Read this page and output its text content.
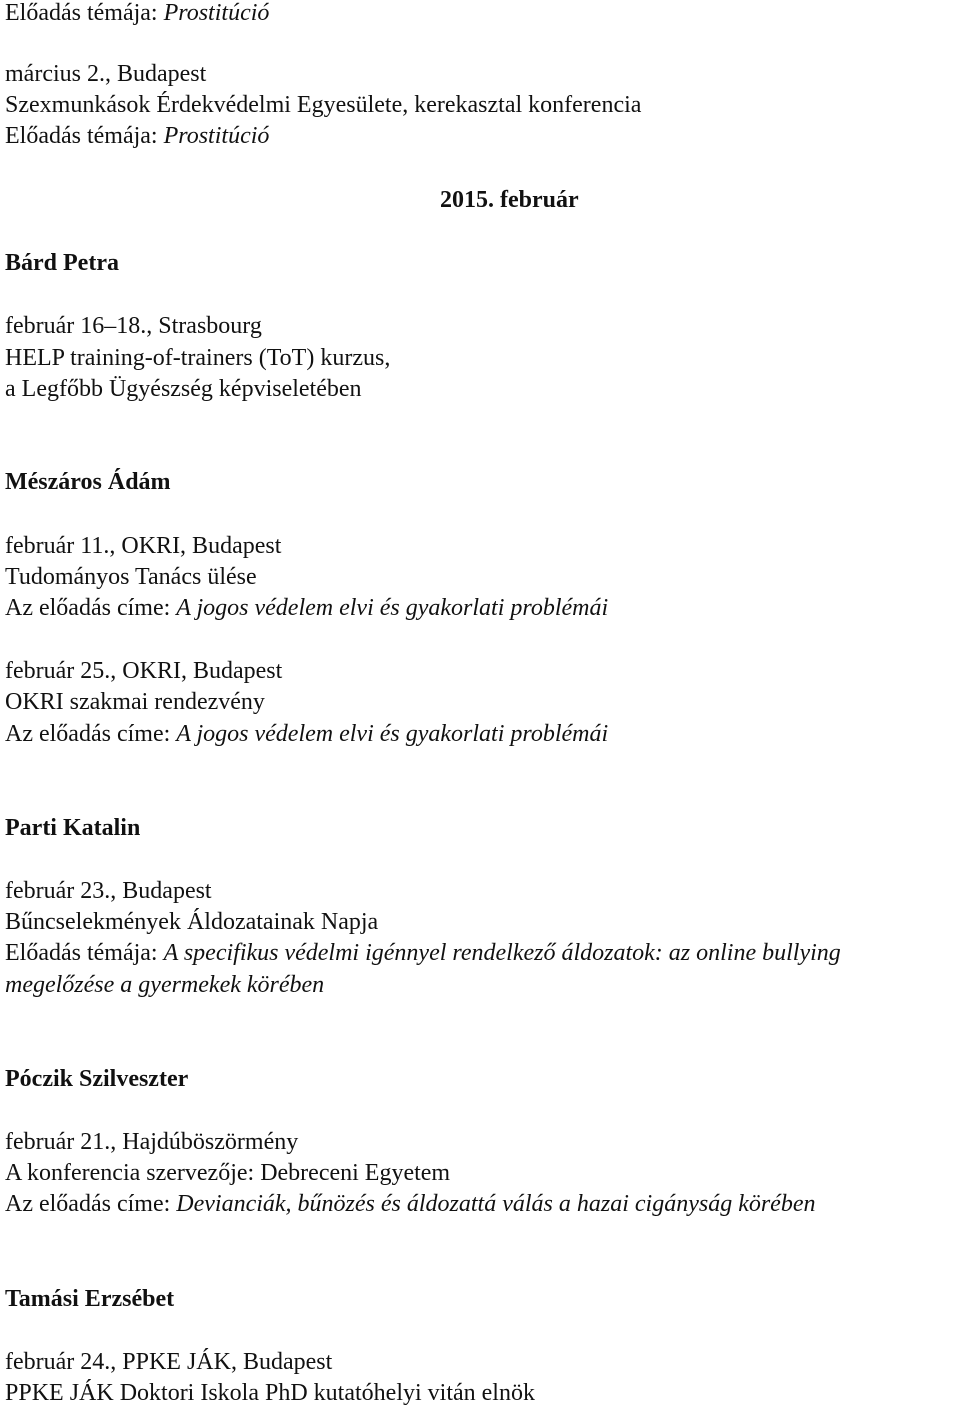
Előadás témája: Prostitúció
március 2., Budapest
Szexmunkások Érdekvédelmi Egyesülete, kerekasztal konferencia
Előadás témája: Prostitúció
2015. február
Bárd Petra
február 16–18., Strasbourg
HELP training-of-trainers (ToT) kurzus,
a Legfőbb Ügyészség képviseletében
Mészáros Ádám
február 11., OKRI, Budapest
Tudományos Tanács ülése
Az előadás címe: A jogos védelem elvi és gyakorlati problémái
február 25., OKRI, Budapest
OKRI szakmai rendezvény
Az előadás címe: A jogos védelem elvi és gyakorlati problémái
Parti Katalin
február 23., Budapest
Bűncselekmények Áldozatainak Napja
Előadás témája: A specifikus védelmi igénnyel rendelkező áldozatok: az online bullying
megelőzése a gyermekek körében
Póczik Szilveszter
február 21., Hajdúböszörmény
A konferencia szervezője: Debreceni Egyetem
Az előadás címe: Devianciák, bűnözés és áldozattá válás a hazai cigányság körében
Tamási Erzsébet
február 24., PPKE JÁK, Budapest
PPKE JÁK Doktori Iskola PhD kutatóhelyi vitán elnök
